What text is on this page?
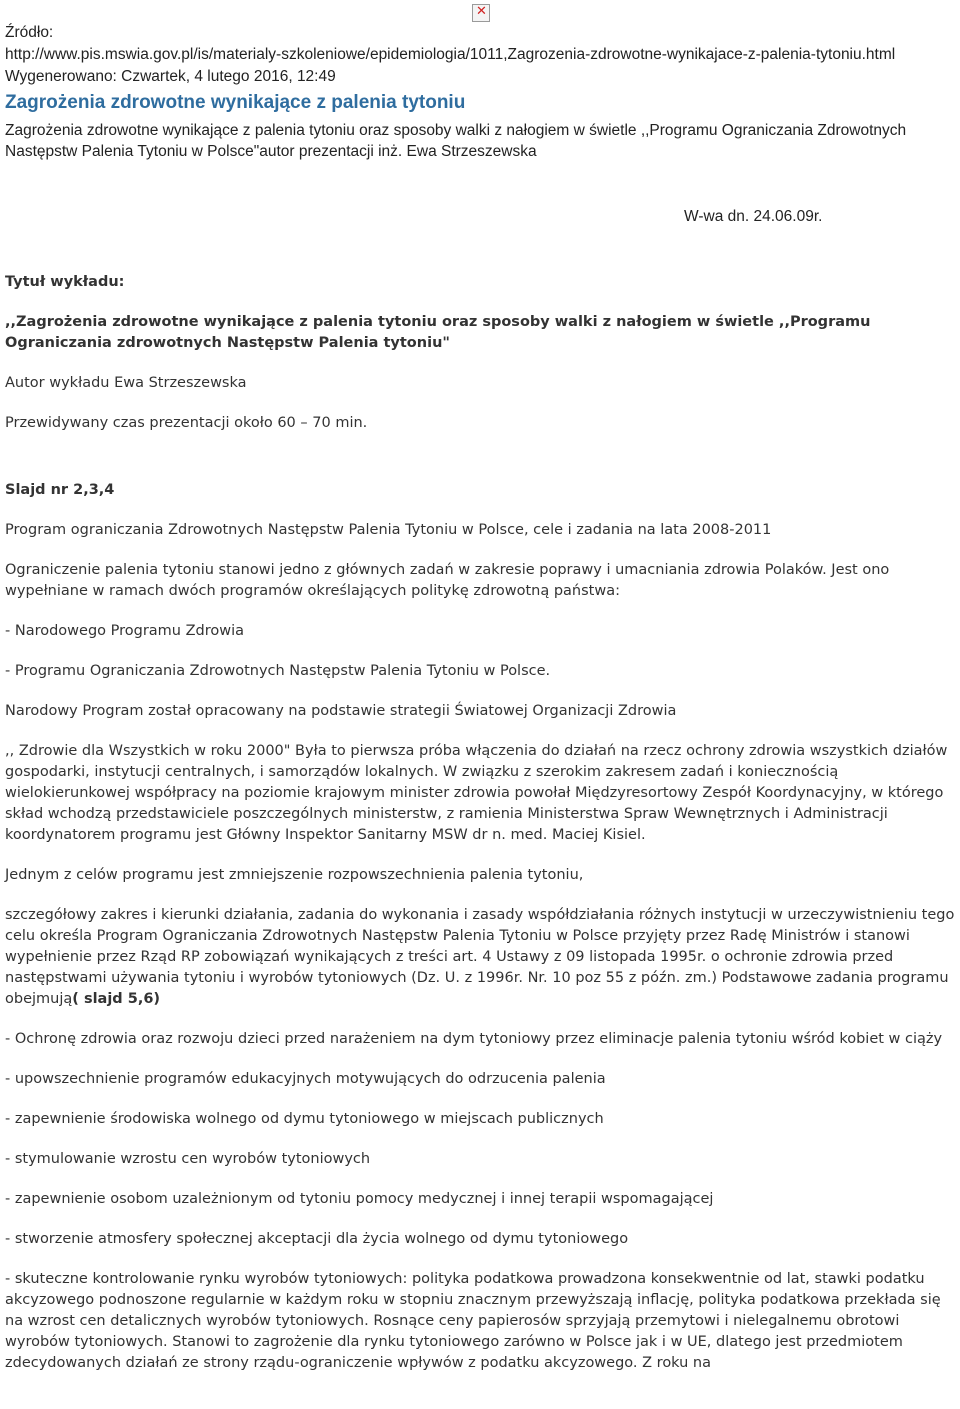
✕
Źródło:
http://www.pis.mswia.gov.pl/is/materialy-szkoleniowe/epidemiologia/1011,Zagrozenia-zdrowotne-wynikajace-z-palenia-tytoniu.html
Wygenerowano: Czwartek, 4 lutego 2016, 12:49
Zagrożenia zdrowotne wynikające z palenia tytoniu
Zagrożenia zdrowotne wynikające z palenia tytoniu oraz sposoby walki z nałogiem w świetle ,,Programu Ograniczania Zdrowotnych Następstw Palenia Tytoniu w Polsce"autor prezentacji inż. Ewa Strzeszewska
W-wa dn. 24.06.09r.

Tytuł wykładu:

,,Zagrożenia zdrowotne wynikające z palenia tytoniu oraz sposoby walki z nałogiem w świetle ,,Programu Ograniczania zdrowotnych Następstw Palenia tytoniu"

Autor wykładu Ewa Strzeszewska

Przewidywany czas prezentacji około 60 – 70 min.

Slajd nr 2,3,4

Program ograniczania Zdrowotnych Następstw Palenia Tytoniu w Polsce, cele i zadania na lata 2008-2011

Ograniczenie palenia tytoniu stanowi jedno z głównych zadań w zakresie poprawy i umacniania zdrowia Polaków. Jest ono wypełniane w ramach dwóch programów określających politykę zdrowotną państwa:

- Narodowego Programu Zdrowia

- Programu Ograniczania Zdrowotnych Następstw Palenia Tytoniu w Polsce.

Narodowy Program został opracowany na podstawie strategii Światowej Organizacji Zdrowia

,, Zdrowie dla Wszystkich w roku 2000" Była to pierwsza próba włączenia do działań na rzecz ochrony zdrowia wszystkich działów gospodarki, instytucji centralnych, i samorządów lokalnych. W związku z szerokim zakresem zadań i koniecznością wielokierunkowej współpracy na poziomie krajowym minister zdrowia powołał Międzyresortowy Zespół Koordynacyjny, w którego skład wchodzą przedstawiciele poszczególnych ministerstw, z ramienia Ministerstwa Spraw Wewnętrznych i Administracji koordynatorem programu jest Główny Inspektor Sanitarny MSW dr n. med. Maciej Kisiel.

Jednym z celów programu jest zmniejszenie rozpowszechnienia palenia tytoniu,

szczegółowy zakres i kierunki działania, zadania do wykonania i zasady współdziałania różnych instytucji w urzeczywistnieniu tego celu określa Program Ograniczania Zdrowotnych Następstw Palenia Tytoniu w Polsce przyjęty przez Radę Ministrów i stanowi wypełnienie przez Rząd RP zobowiązań wynikających z treści art. 4 Ustawy z 09 listopada 1995r. o ochronie zdrowia przed następstwami używania tytoniu i wyrobów tytoniowych (Dz. U. z 1996r. Nr. 10 poz 55 z późn. zm.) Podstawowe zadania programu obejmują( slajd 5,6)

- Ochronę zdrowia oraz rozwoju dzieci przed narażeniem na dym tytoniowy przez eliminacje palenia tytoniu wśród kobiet w ciąży

- upowszechnienie programów edukacyjnych motywujących do odrzucenia palenia

- zapewnienie środowiska wolnego od dymu tytoniowego w miejscach publicznych

- stymulowanie wzrostu cen wyrobów tytoniowych

- zapewnienie osobom uzależnionym od tytoniu pomocy medycznej i innej terapii wspomagającej

- stworzenie atmosfery społecznej akceptacji dla życia wolnego od dymu tytoniowego

- skuteczne kontrolowanie rynku wyrobów tytoniowych: polityka podatkowa prowadzona konsekwentnie od lat, stawki podatku akcyzowego podnoszone regularnie w każdym roku w stopniu znacznym przewyższają inflację, polityka podatkowa przekłada się na wzrost cen detalicznych wyrobów tytoniowych. Rosnące ceny papierosów sprzyjają przemytowi i nielegalnemu obrotowi wyrobów tytoniowych. Stanowi to zagrożenie dla rynku tytoniowego zarówno w Polsce jak i w UE, dlatego jest przedmiotem zdecydowanych działań ze strony rządu-ograniczenie wpływów z podatku akcyzowego. Z roku na
